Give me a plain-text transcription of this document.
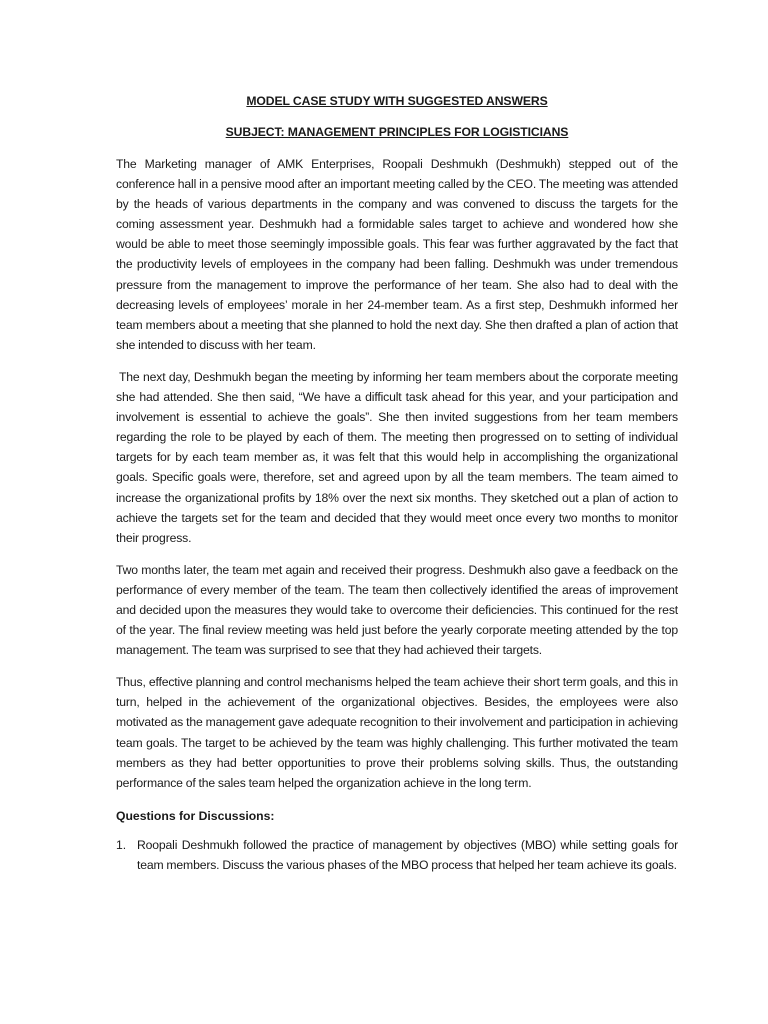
MODEL CASE STUDY WITH SUGGESTED ANSWERS

SUBJECT: MANAGEMENT PRINCIPLES FOR LOGISTICIANS

The Marketing manager of AMK Enterprises, Roopali Deshmukh (Deshmukh) stepped out of the conference hall in a pensive mood after an important meeting called by the CEO. The meeting was attended by the heads of various departments in the company and was convened to discuss the targets for the coming assessment year. Deshmukh had a formidable sales target to achieve and wondered how she would be able to meet those seemingly impossible goals. This fear was further aggravated by the fact that the productivity levels of employees in the company had been falling. Deshmukh was under tremendous pressure from the management to improve the performance of her team. She also had to deal with the decreasing levels of employees’ morale in her 24-member team. As a first step, Deshmukh informed her team members about a meeting that she planned to hold the next day. She then drafted a plan of action that she intended to discuss with her team.

The next day, Deshmukh began the meeting by informing her team members about the corporate meeting she had attended. She then said, “We have a difficult task ahead for this year, and your participation and involvement is essential to achieve the goals”. She then invited suggestions from her team members regarding the role to be played by each of them. The meeting then progressed on to setting of individual targets for by each team member as, it was felt that this would help in accomplishing the organizational goals. Specific goals were, therefore, set and agreed upon by all the team members. The team aimed to increase the organizational profits by 18% over the next six months. They sketched out a plan of action to achieve the targets set for the team and decided that they would meet once every two months to monitor their progress.

Two months later, the team met again and received their progress. Deshmukh also gave a feedback on the performance of every member of the team. The team then collectively identified the areas of improvement and decided upon the measures they would take to overcome their deficiencies. This continued for the rest of the year. The final review meeting was held just before the yearly corporate meeting attended by the top management. The team was surprised to see that they had achieved their targets.

Thus, effective planning and control mechanisms helped the team achieve their short term goals, and this in turn, helped in the achievement of the organizational objectives. Besides, the employees were also motivated as the management gave adequate recognition to their involvement and participation in achieving team goals. The target to be achieved by the team was highly challenging. This further motivated the team members as they had better opportunities to prove their problems solving skills. Thus, the outstanding performance of the sales team helped the organization achieve in the long term.

Questions for Discussions:

1. Roopali Deshmukh followed the practice of management by objectives (MBO) while setting goals for team members. Discuss the various phases of the MBO process that helped her team achieve its goals.
